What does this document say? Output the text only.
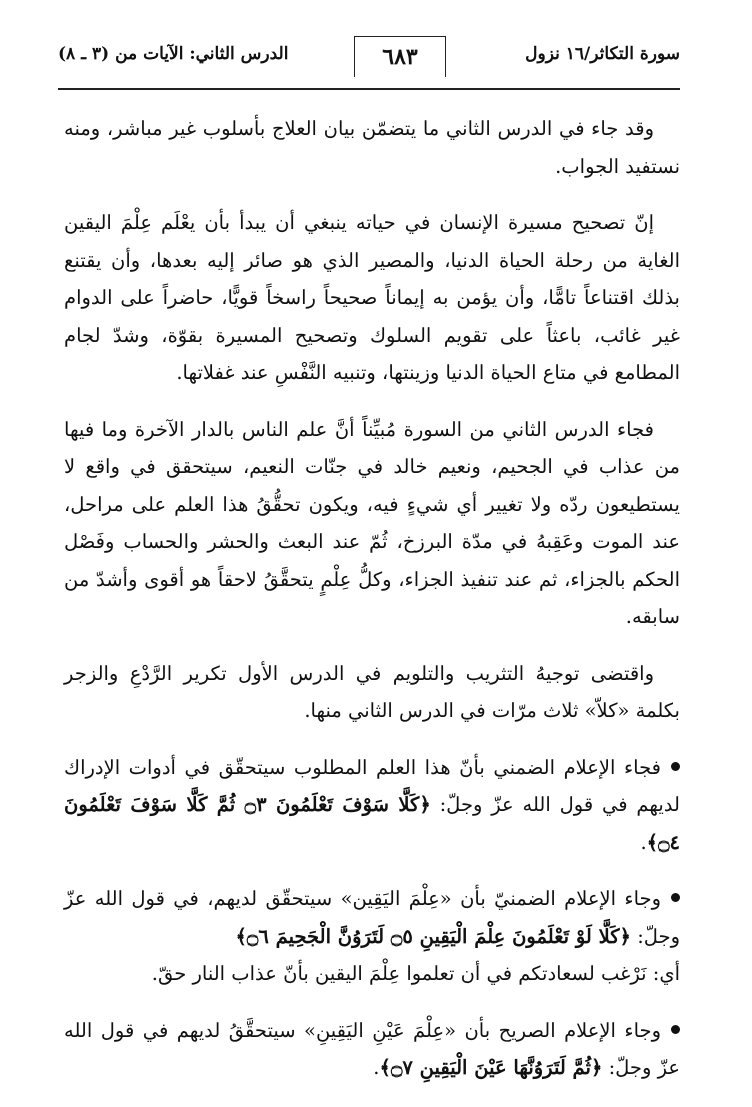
سورة التكاثر/١٦ نزول
٦٨٣
الدرس الثاني: الآيات من (٣ ـ ٨)

وقد جاء في الدرس الثاني ما يتضمّن بيان العلاج بأسلوب غير مباشر، ومنه نستفيد الجواب.

إنّ تصحيح مسيرة الإنسان في حياته ينبغي أن يبدأ بأن يعْلَم عِلْمَ اليقين الغاية من رحلة الحياة الدنيا، والمصير الذي هو صائر إليه بعدها، وأن يقتنع بذلك اقتناعاً تامًّا، وأن يؤمن به إيماناً صحيحاً راسخاً قويًّا، حاضراً على الدوام غير غائب، باعثاً على تقويم السلوك وتصحيح المسيرة بقوّة، وشدّ لجام المطامع في متاع الحياة الدنيا وزينتها، وتنبيه النَّفْسِ عند غفلاتها.

فجاء الدرس الثاني من السورة مُبيِّناً أنَّ علم الناس بالدار الآخرة وما فيها من عذاب في الجحيم، ونعيم خالد في جنّات النعيم، سيتحقق في واقع لا يستطيعون ردّه ولا تغيير أي شيءٍ فيه، ويكون تحقُّقُ هذا العلم على مراحل، عند الموت وعَقِبهُ في مدّة البرزخ، ثُمّ عند البعث والحشر والحساب وفَصْل الحكم بالجزاء، ثم عند تنفيذ الجزاء، وكلُّ عِلْمٍ يتحقَّقُ لاحقاً هو أقوى وأشدّ من سابقه.

واقتضى توجيهُ التثريب والتلويم في الدرس الأول تكرير الرَّدْعِ والزجر بكلمة «كلاّ» ثلاث مرّات في الدرس الثاني منها.

فجاء الإعلام الضمني بأنّ هذا العلم المطلوب سيتحقّق في أدوات الإدراك لديهم في قول الله عزّ وجلّ: ﴿كَلَّا سَوْفَ تَعْلَمُونَ ۝٣ ثُمَّ كَلَّا سَوْفَ تَعْلَمُونَ ۝٤﴾.

وجاء الإعلام الضمنيّ بأن «عِلْمَ اليَقِين» سيتحقّق لديهم، في قول الله عزّ وجلّ: ﴿كَلَّا لَوْ تَعْلَمُونَ عِلْمَ الْيَقِينِ ۝٥ لَتَرَوُنَّ الْجَحِيمَ ۝٦﴾
أي: نَرْغب لسعادتكم في أن تعلموا عِلْمَ اليقين بأنّ عذاب النار حقّ.

وجاء الإعلام الصريح بأن «عِلْمَ عَيْنِ اليَقِينِ» سيتحقَّقُ لديهم في قول الله عزّ وجلّ: ﴿ثُمَّ لَتَرَوُنَّهَا عَيْنَ الْيَقِينِ ۝٧﴾.
